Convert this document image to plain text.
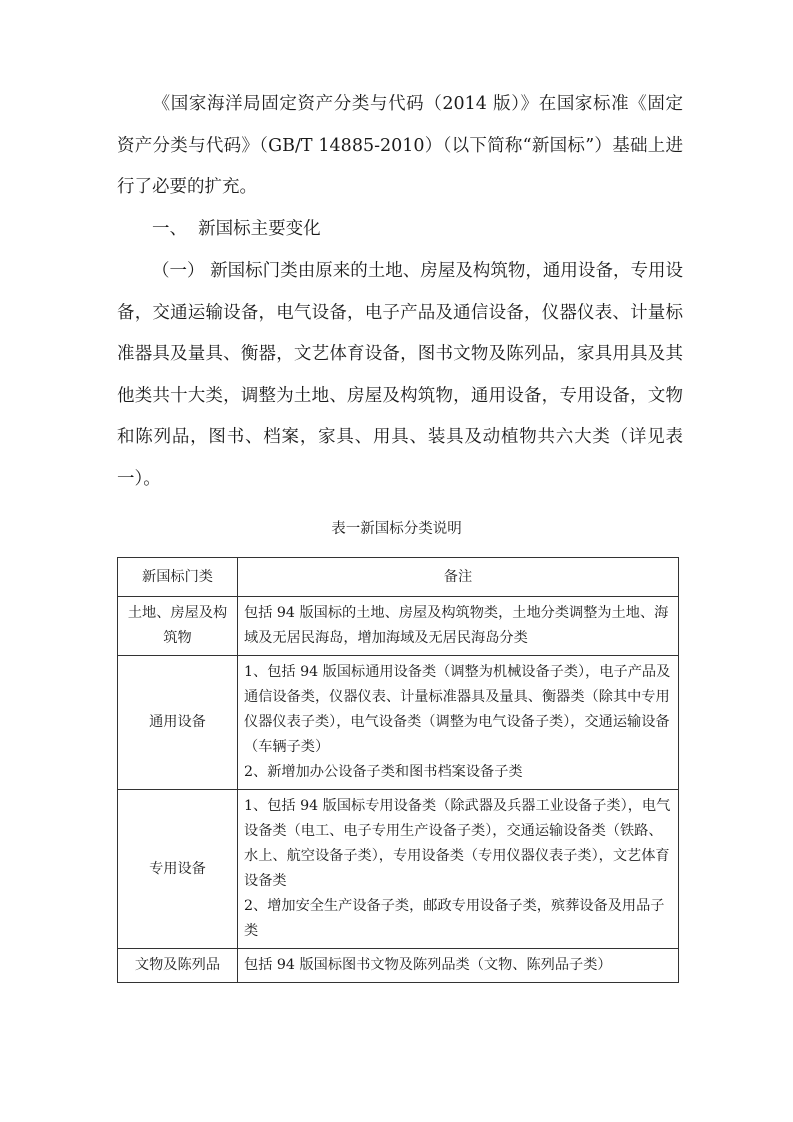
《国家海洋局固定资产分类与代码（2014 版）》在国家标准《固定资产分类与代码》（GB/T 14885-2010）（以下简称“新国标”）基础上进行了必要的扩充。

一、  新国标主要变化

（一） 新国标门类由原来的土地、房屋及构筑物，通用设备，专用设备，交通运输设备，电气设备，电子产品及通信设备，仪器仪表、计量标准器具及量具、衡器，文艺体育设备，图书文物及陈列品，家具用具及其他类共十大类，调整为土地、房屋及构筑物，通用设备，专用设备，文物和陈列品，图书、档案，家具、用具、装具及动植物共六大类（详见表一）。

表一新国标分类说明
新国标门类	备注
土地、房屋及构筑物	包括 94 版国标的土地、房屋及构筑物类，土地分类调整为土地、海域及无居民海岛，增加海域及无居民海岛分类

通用设备	1、包括 94 版国标通用设备类（调整为机械设备子类），电子产品及通信设备类，仪器仪表、计量标准器具及量具、衡器类（除其中专用仪器仪表子类），电气设备类（调整为电气设备子类），交通运输设备（车辆子类）
2、新增加办公设备子类和图书档案设备子类

专用设备	1、包括 94 版国标专用设备类（除武器及兵器工业设备子类），电气设备类（电工、电子专用生产设备子类），交通运输设备类（铁路、水上、航空设备子类），专用设备类（专用仪器仪表子类），文艺体育设备类
2、增加安全生产设备子类，邮政专用设备子类，殡葬设备及用品子类

文物及陈列品	包括 94 版国标图书文物及陈列品类（文物、陈列品子类）
